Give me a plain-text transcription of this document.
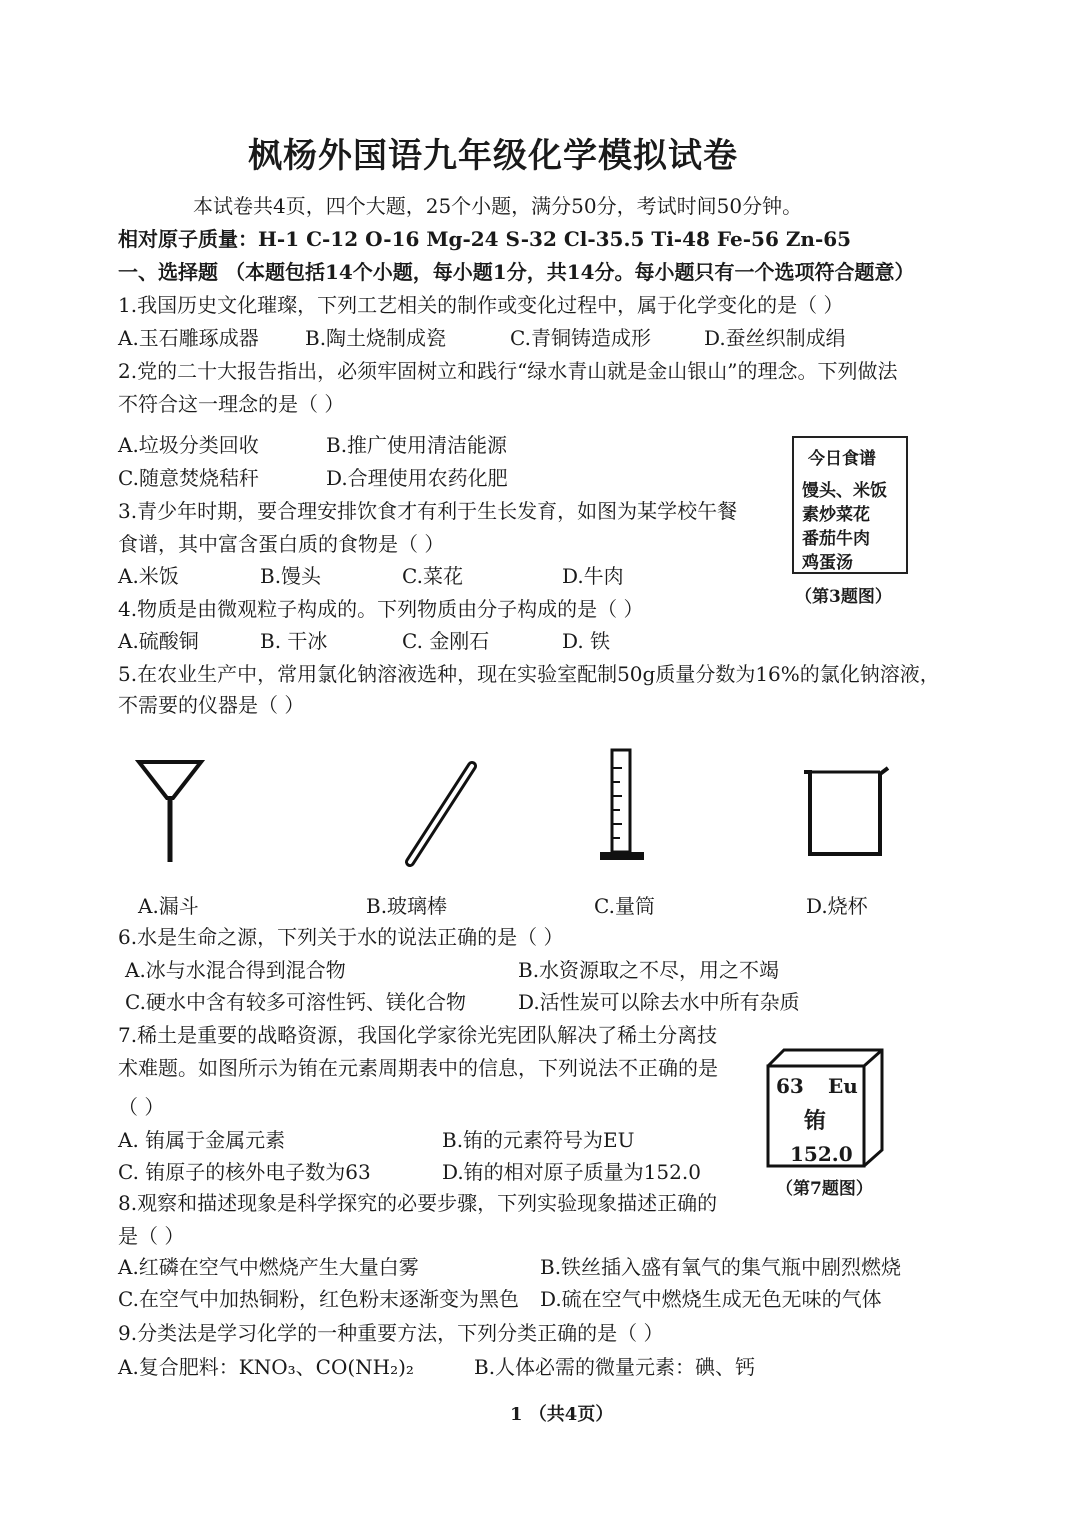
枫杨外国语九年级化学模拟试卷
本试卷共4页，四个大题，25个小题，满分50分，考试时间50分钟。
相对原子质量：H-1 C-12 O-16 Mg-24 S-32 Cl-35.5 Ti-48 Fe-56 Zn-65
一、选择题 （本题包括14个小题，每小题1分，共14分。每小题只有一个选项符合题意）
1.我国历史文化璀璨，下列工艺相关的制作或变化过程中，属于化学变化的是（ ）
A.玉石雕琢成器 B.陶土烧制成瓷	C.青铜铸造成形	D.蚕丝织制成绢
2.党的二十大报告指出，必须牢固树立和践行“绿水青山就是金山银山”的理念。下列做法
不符合这一理念的是（ ）
A.垃圾分类回收	B.推广使用清洁能源
C.随意焚烧秸秆	D.合理使用农药化肥
今日食谱
馒头、米饭
素炒菜花
番茄牛肉
鸡蛋汤
（第3题图）
3.青少年时期，要合理安排饮食才有利于生长发育，如图为某学校午餐
食谱，其中富含蛋白质的食物是（ ）
A.米饭	B.馒头	C.菜花	D.牛肉
4.物质是由微观粒子构成的。下列物质由分子构成的是（ ）
A.硫酸铜	B. 干冰	C. 金刚石	D. 铁
5.在农业生产中，常用氯化钠溶液选种，现在实验室配制50g质量分数为16%的氯化钠溶液，
不需要的仪器是（ ）
A.漏斗	B.玻璃棒	C.量筒	D.烧杯
6.水是生命之源，下列关于水的说法正确的是（ ）
A.冰与水混合得到混合物	B.水资源取之不尽，用之不竭
C.硬水中含有较多可溶性钙、镁化合物	D.活性炭可以除去水中所有杂质
7.稀土是重要的战略资源，我国化学家徐光宪团队解决了稀土分离技
术难题。如图所示为铕在元素周期表中的信息，下列说法不正确的是
（ ）
A. 铕属于金属元素	B.铕的元素符号为EU
C. 铕原子的核外电子数为63	D.铕的相对原子质量为152.0
63 Eu
铕
152.0
（第7题图）
8.观察和描述现象是科学探究的必要步骤，下列实验现象描述正确的
是（ ）
A.红磷在空气中燃烧产生大量白雾	B.铁丝插入盛有氧气的集气瓶中剧烈燃烧
C.在空气中加热铜粉，红色粉末逐渐变为黑色 D.硫在空气中燃烧生成无色无味的气体
9.分类法是学习化学的一种重要方法，下列分类正确的是（ ）
A.复合肥料：KNO₃、CO(NH₂)₂	B.人体必需的微量元素：碘、钙
1 （共4页）
